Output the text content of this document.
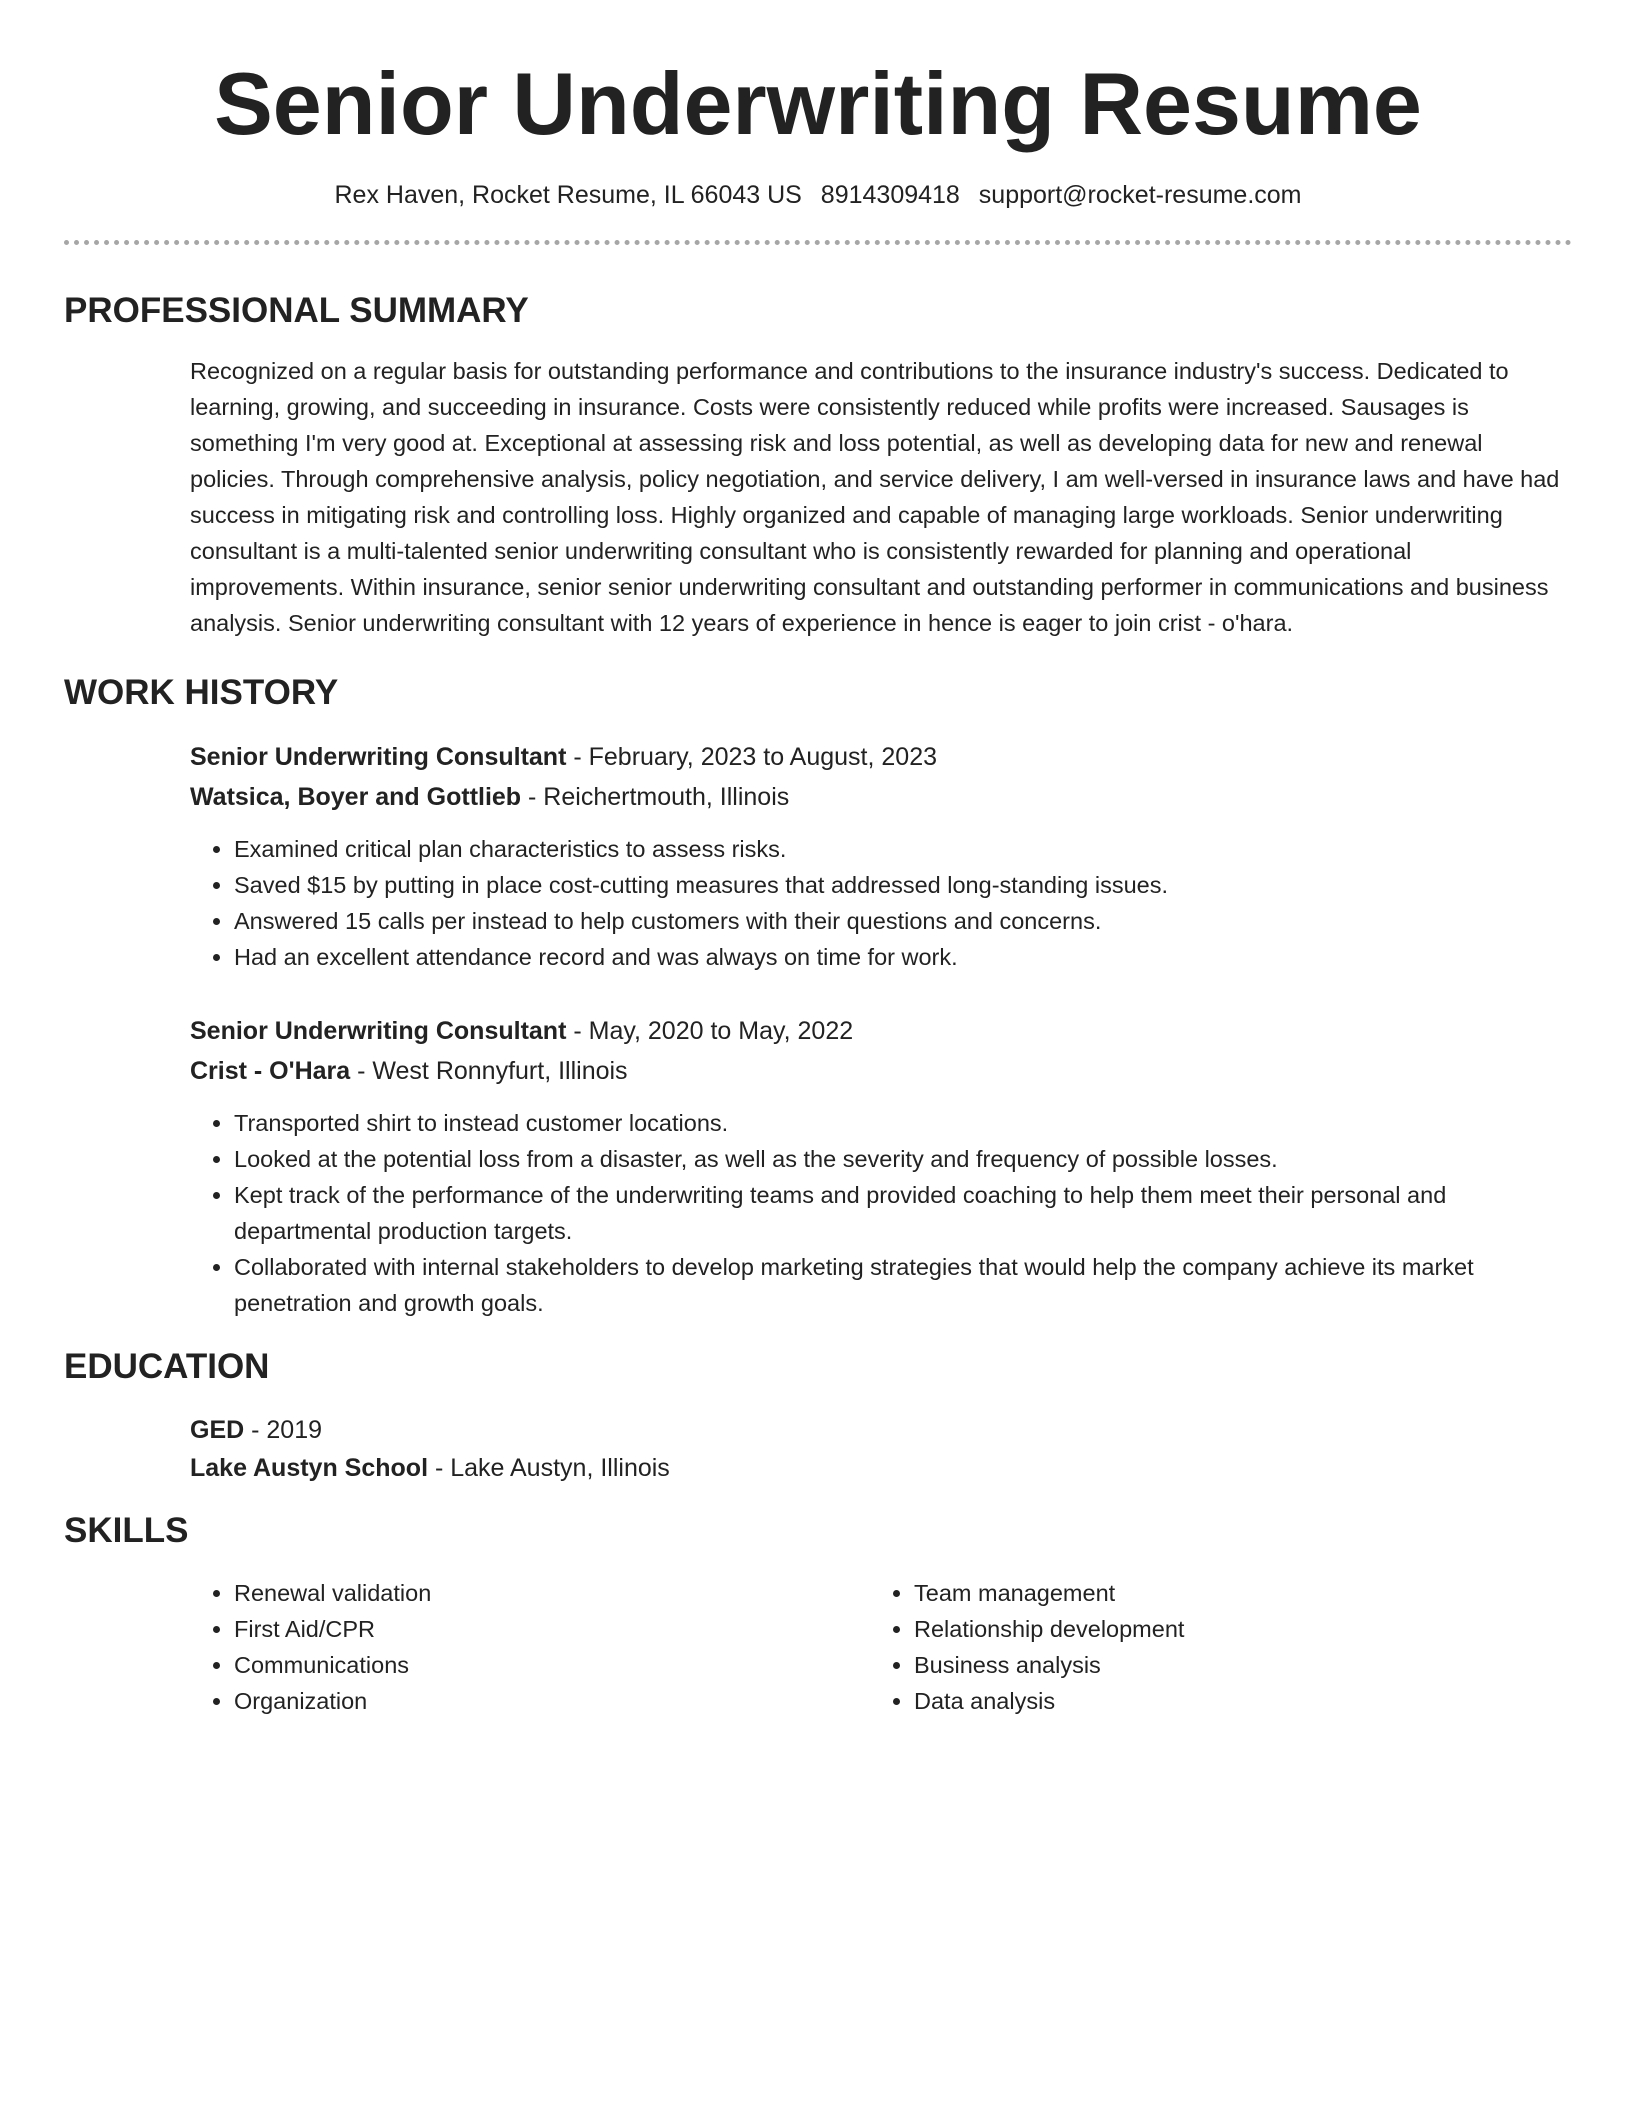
Senior Underwriting Resume
Rex Haven, Rocket Resume, IL 66043 US 8914309418 support@rocket-resume.com
PROFESSIONAL SUMMARY

Recognized on a regular basis for outstanding performance and contributions to the insurance industry's success. Dedicated to learning, growing, and succeeding in insurance. Costs were consistently reduced while profits were increased. Sausages is something I'm very good at. Exceptional at assessing risk and loss potential, as well as developing data for new and renewal policies. Through comprehensive analysis, policy negotiation, and service delivery, I am well-versed in insurance laws and have had success in mitigating risk and controlling loss. Highly organized and capable of managing large workloads. Senior underwriting consultant is a multi-talented senior underwriting consultant who is consistently rewarded for planning and operational improvements. Within insurance, senior senior underwriting consultant and outstanding performer in communications and business analysis. Senior underwriting consultant with 12 years of experience in hence is eager to join crist - o'hara.

WORK HISTORY
Senior Underwriting Consultant - February, 2023 to August, 2023
Watsica, Boyer and Gottlieb - Reichertmouth, Illinois
• Examined critical plan characteristics to assess risks.
• Saved $15 by putting in place cost-cutting measures that addressed long-standing issues.
• Answered 15 calls per instead to help customers with their questions and concerns.
• Had an excellent attendance record and was always on time for work.
Senior Underwriting Consultant - May, 2020 to May, 2022
Crist - O'Hara - West Ronnyfurt, Illinois
• Transported shirt to instead customer locations.
• Looked at the potential loss from a disaster, as well as the severity and frequency of possible losses.
• Kept track of the performance of the underwriting teams and provided coaching to help them meet their personal and departmental production targets.
• Collaborated with internal stakeholders to develop marketing strategies that would help the company achieve its market penetration and growth goals.
EDUCATION
GED - 2019
Lake Austyn School - Lake Austyn, Illinois
SKILLS
• Renewal validation
• First Aid/CPR
• Communications
• Organization
• Team management
• Relationship development
• Business analysis
• Data analysis
